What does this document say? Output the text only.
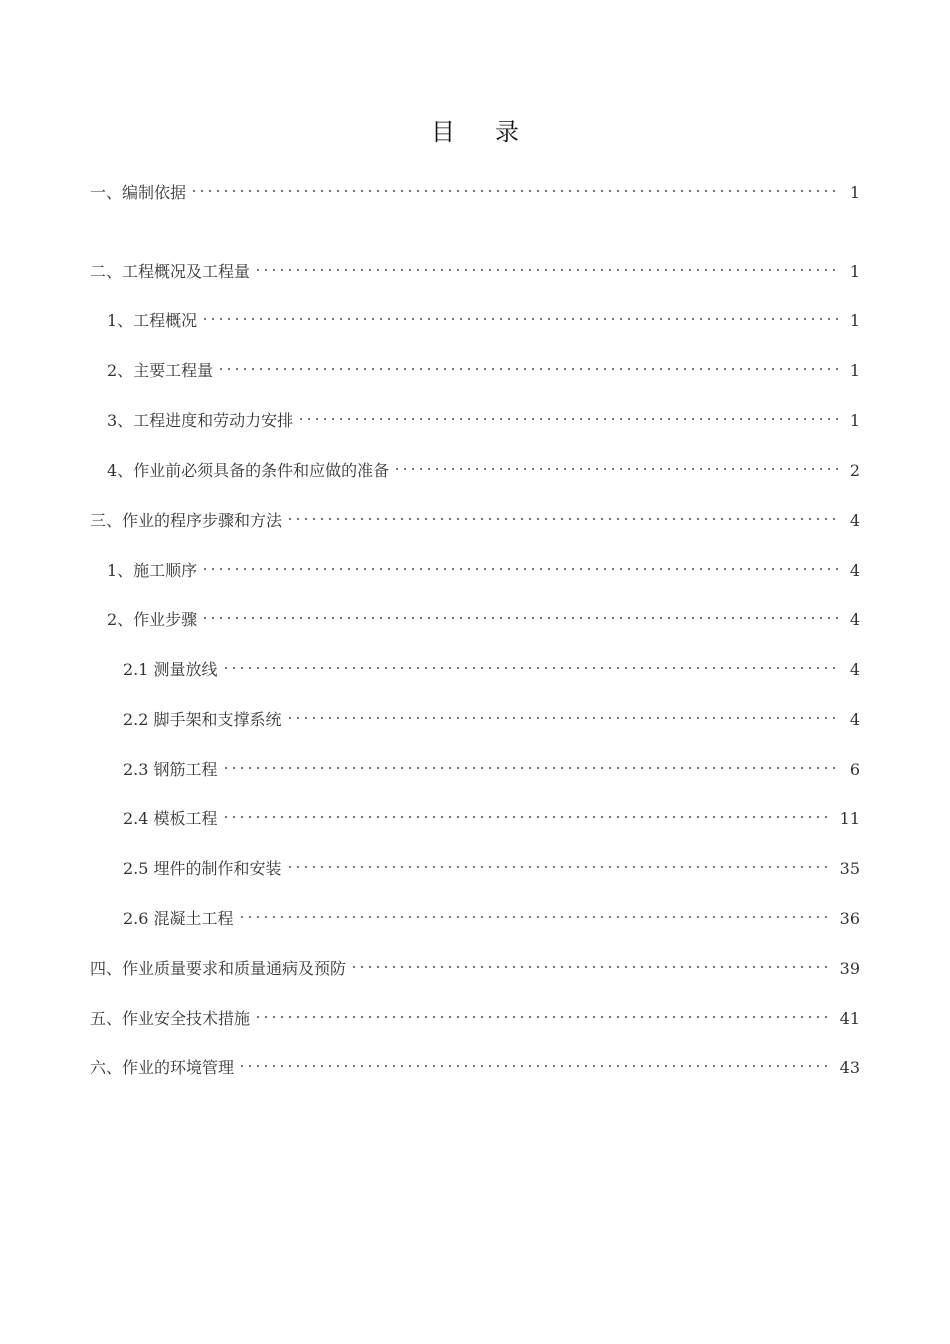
目 录
一、编制依据	1
二、工程概况及工程量	1
1、工程概况	1
2、主要工程量	1
3、工程进度和劳动力安排	1
4、作业前必须具备的条件和应做的准备	2
三、作业的程序步骤和方法	4
1、施工顺序	4
2、作业步骤	4
2.1 测量放线	4
2.2 脚手架和支撑系统	4
2.3 钢筋工程	6
2.4 模板工程	11
2.5 埋件的制作和安装	35
2.6 混凝土工程	36
四、作业质量要求和质量通病及预防	39
五、作业安全技术措施	41
六、作业的环境管理	43
